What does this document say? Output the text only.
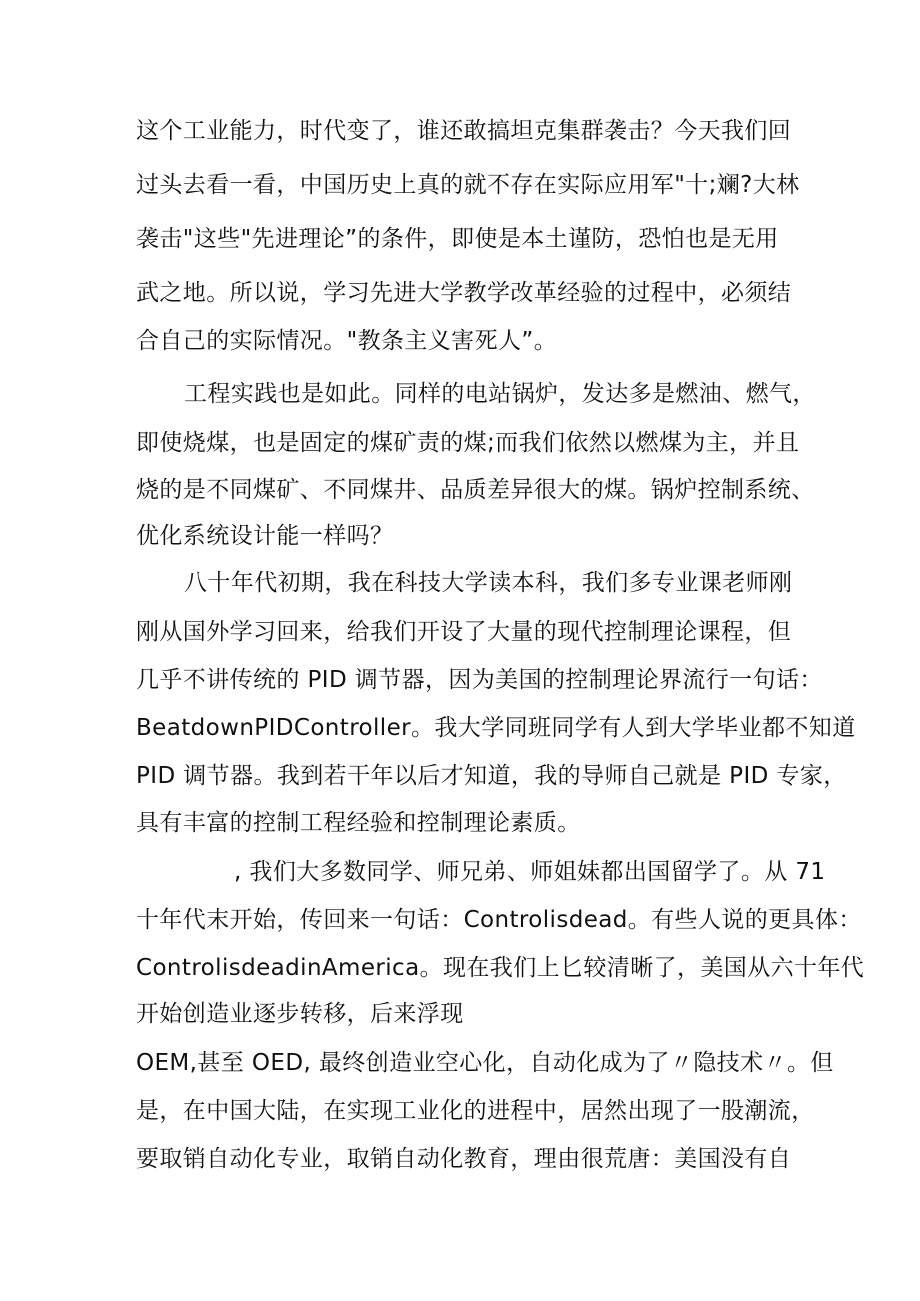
这个工业能力，时代变了，谁还敢搞坦克集群袭击？今天我们回
过头去看一看，中国历史上真的就不存在实际应用军"十;斓?大林
袭击"这些"先进理论”的条件，即使是本土谨防，恐怕也是无用
武之地。所以说，学习先进大学教学改革经验的过程中，必须结
合自己的实际情况。"教条主义害死人”。
工程实践也是如此。同样的电站锅炉，发达多是燃油、燃气，
即使烧煤，也是固定的煤矿责的煤;而我们依然以燃煤为主，并且
烧的是不同煤矿、不同煤井、品质差异很大的煤。锅炉控制系统、
优化系统设计能一样吗？
八十年代初期，我在科技大学读本科，我们多专业课老师刚
刚从国外学习回来，给我们开设了大量的现代控制理论课程，但
几乎不讲传统的 PID 调节器，因为美国的控制理论界流行一句话：
BeatdownPIDController。我大学同班同学有人到大学毕业都不知道
PID 调节器。我到若干年以后才知道，我的导师自己就是 PID 专家，
具有丰富的控制工程经验和控制理论素质。
, 我们大多数同学、师兄弟、师姐妹都出国留学了。从 71
十年代末开始，传回来一句话：Controlisdead。有些人说的更具体：
ControlisdeadinAmerica。现在我们上匕较清晰了，美国从六十年代
开始创造业逐步转移，后来浮现
OEM,甚至 OED, 最终创造业空心化，自动化成为了〃隐技术〃。但
是，在中国大陆，在实现工业化的进程中，居然出现了一股潮流，
要取销自动化专业，取销自动化教育，理由很荒唐：美国没有自
